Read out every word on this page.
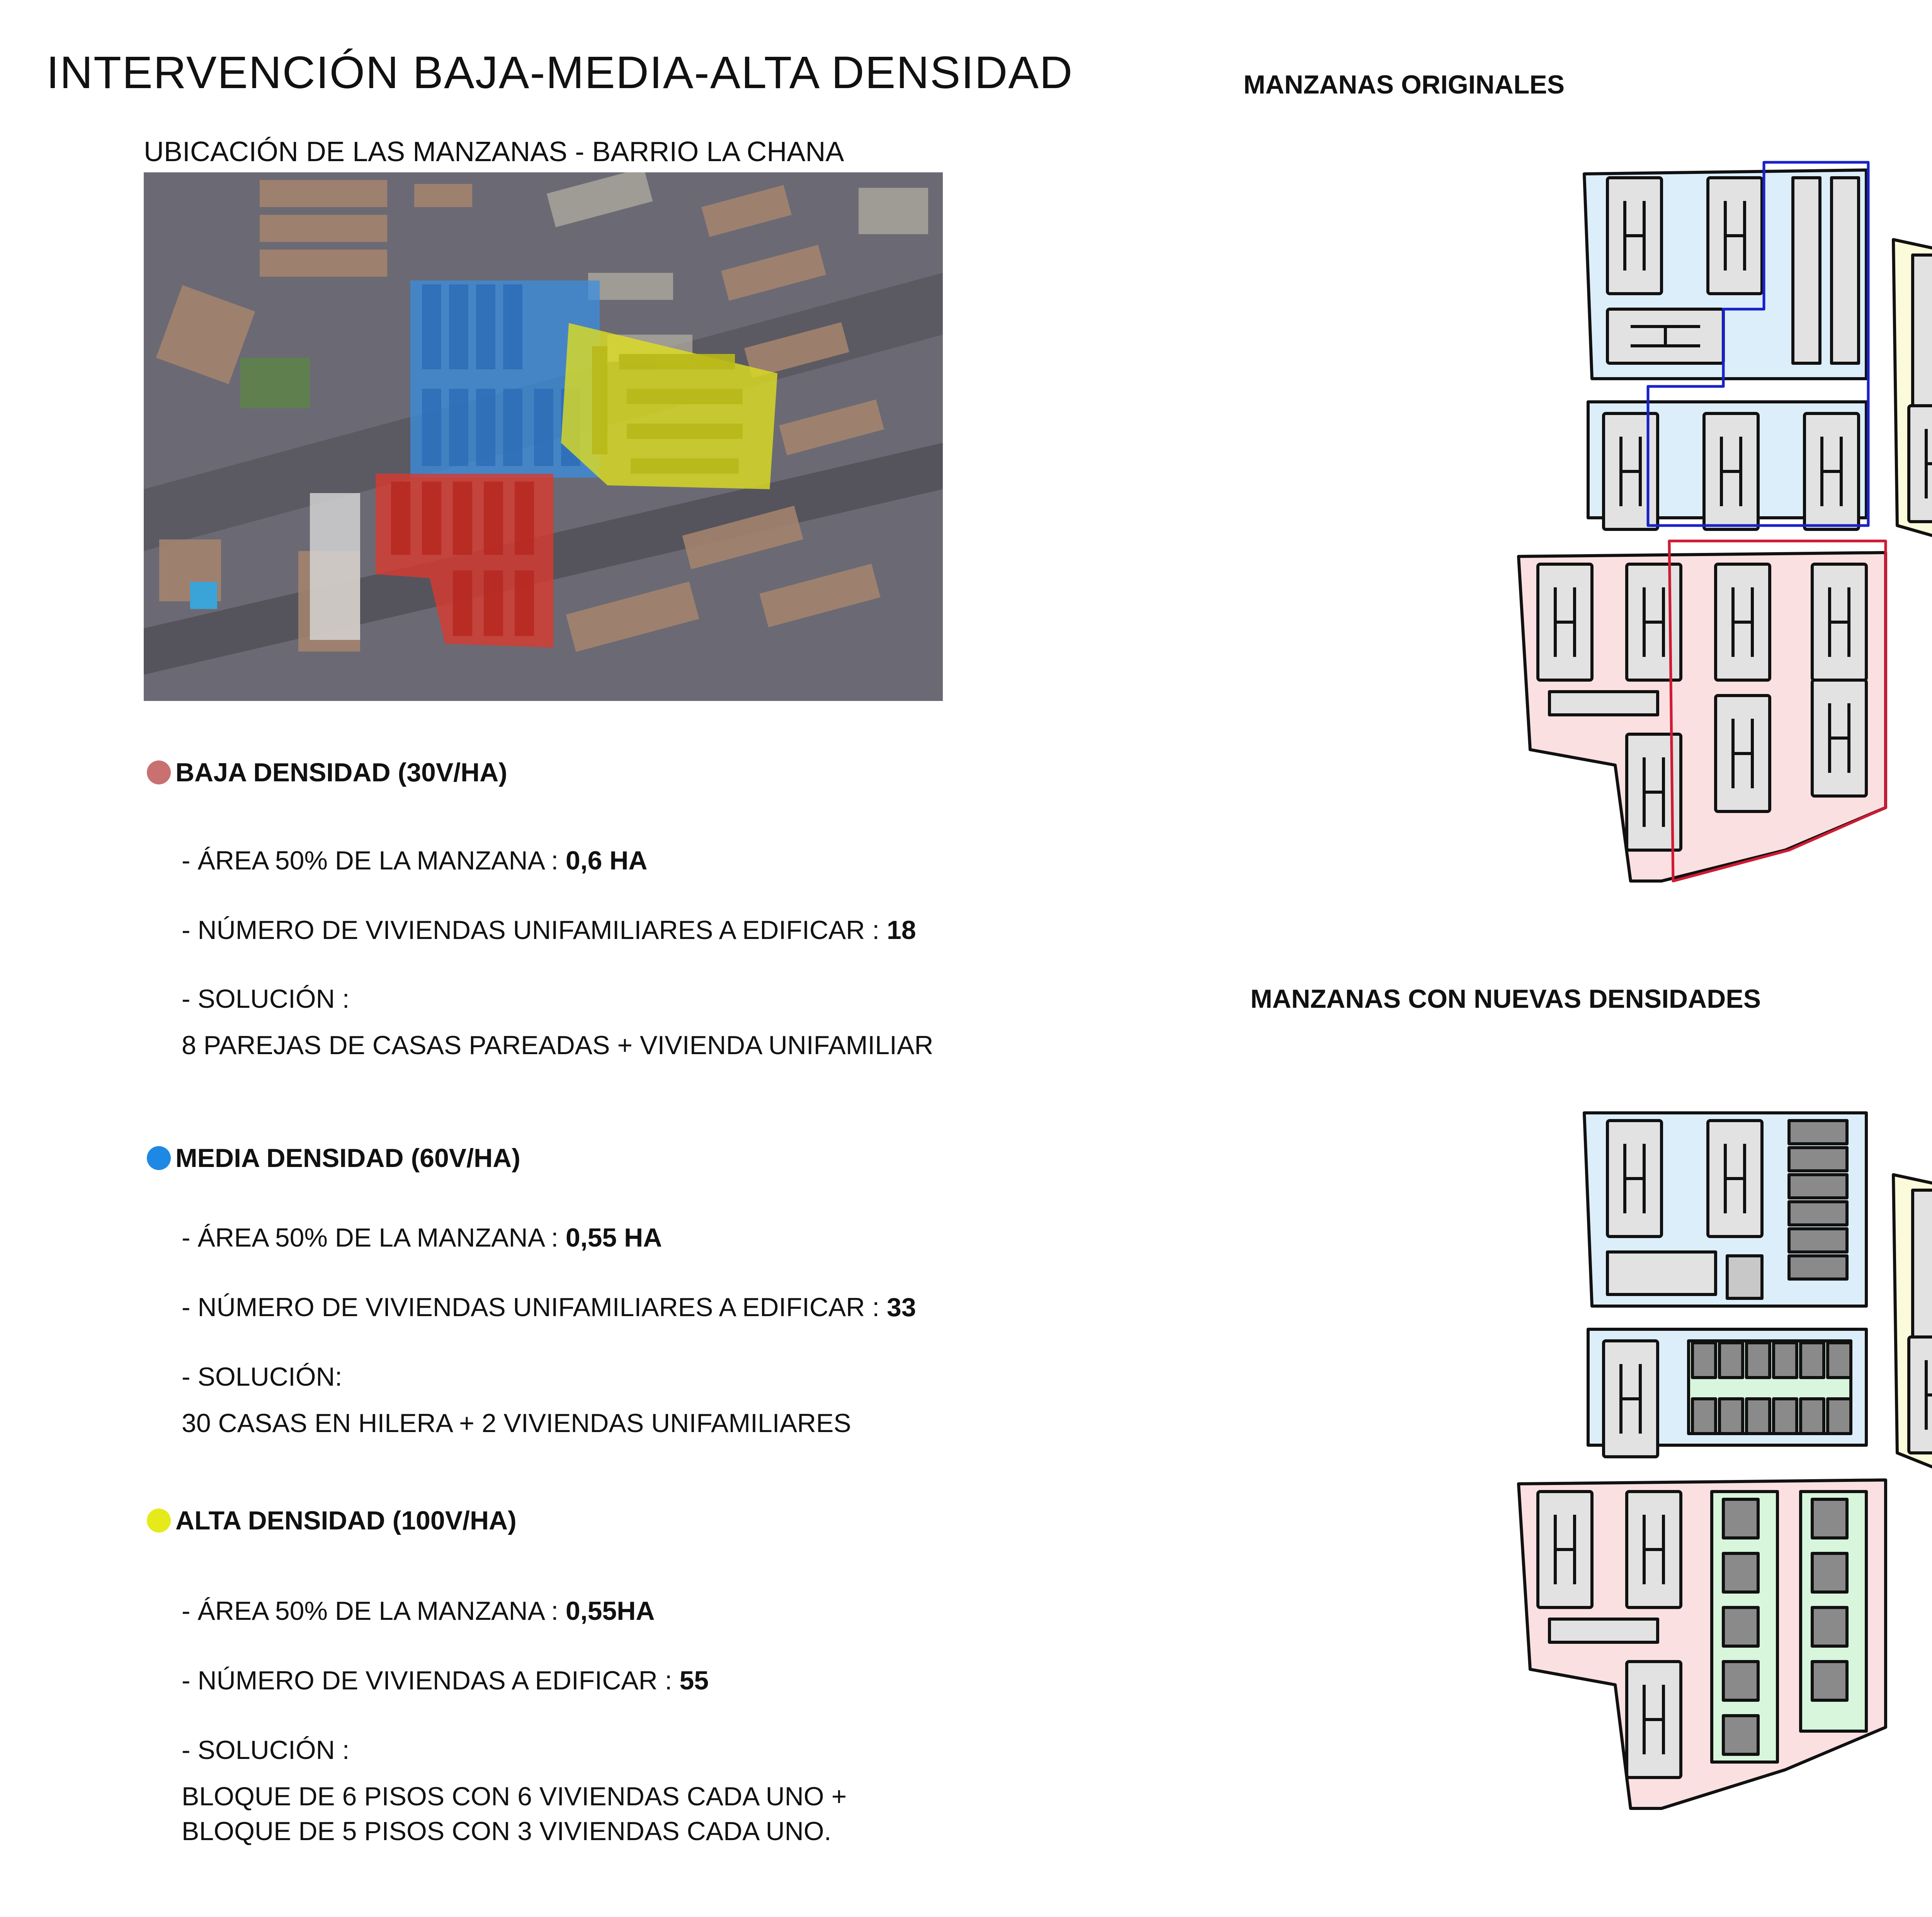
INTERVENCIÓN BAJA-MEDIA-ALTA DENSIDAD
UBICACIÓN DE LAS MANZANAS - BARRIO LA CHANA
BAJA DENSIDAD (30V/HA)
- ÁREA 50% DE LA MANZANA : 0,6 HA
- NÚMERO DE VIVIENDAS UNIFAMILIARES A EDIFICAR : 18
- SOLUCIÓN :
8 PAREJAS DE CASAS PAREADAS + VIVIENDA UNIFAMILIAR
MEDIA DENSIDAD (60V/HA)
- ÁREA 50% DE LA MANZANA : 0,55 HA
- NÚMERO DE VIVIENDAS UNIFAMILIARES A EDIFICAR : 33
- SOLUCIÓN:
30 CASAS EN HILERA + 2 VIVIENDAS UNIFAMILIARES
ALTA DENSIDAD (100V/HA)
- ÁREA 50% DE LA MANZANA : 0,55HA
- NÚMERO DE VIVIENDAS A EDIFICAR : 55
- SOLUCIÓN :
BLOQUE DE 6 PISOS CON 6 VIVIENDAS CADA UNO +
BLOQUE DE 5 PISOS CON 3 VIVIENDAS CADA UNO.
MANZANAS ORIGINALES
MANZANAS CON NUEVAS DENSIDADES
